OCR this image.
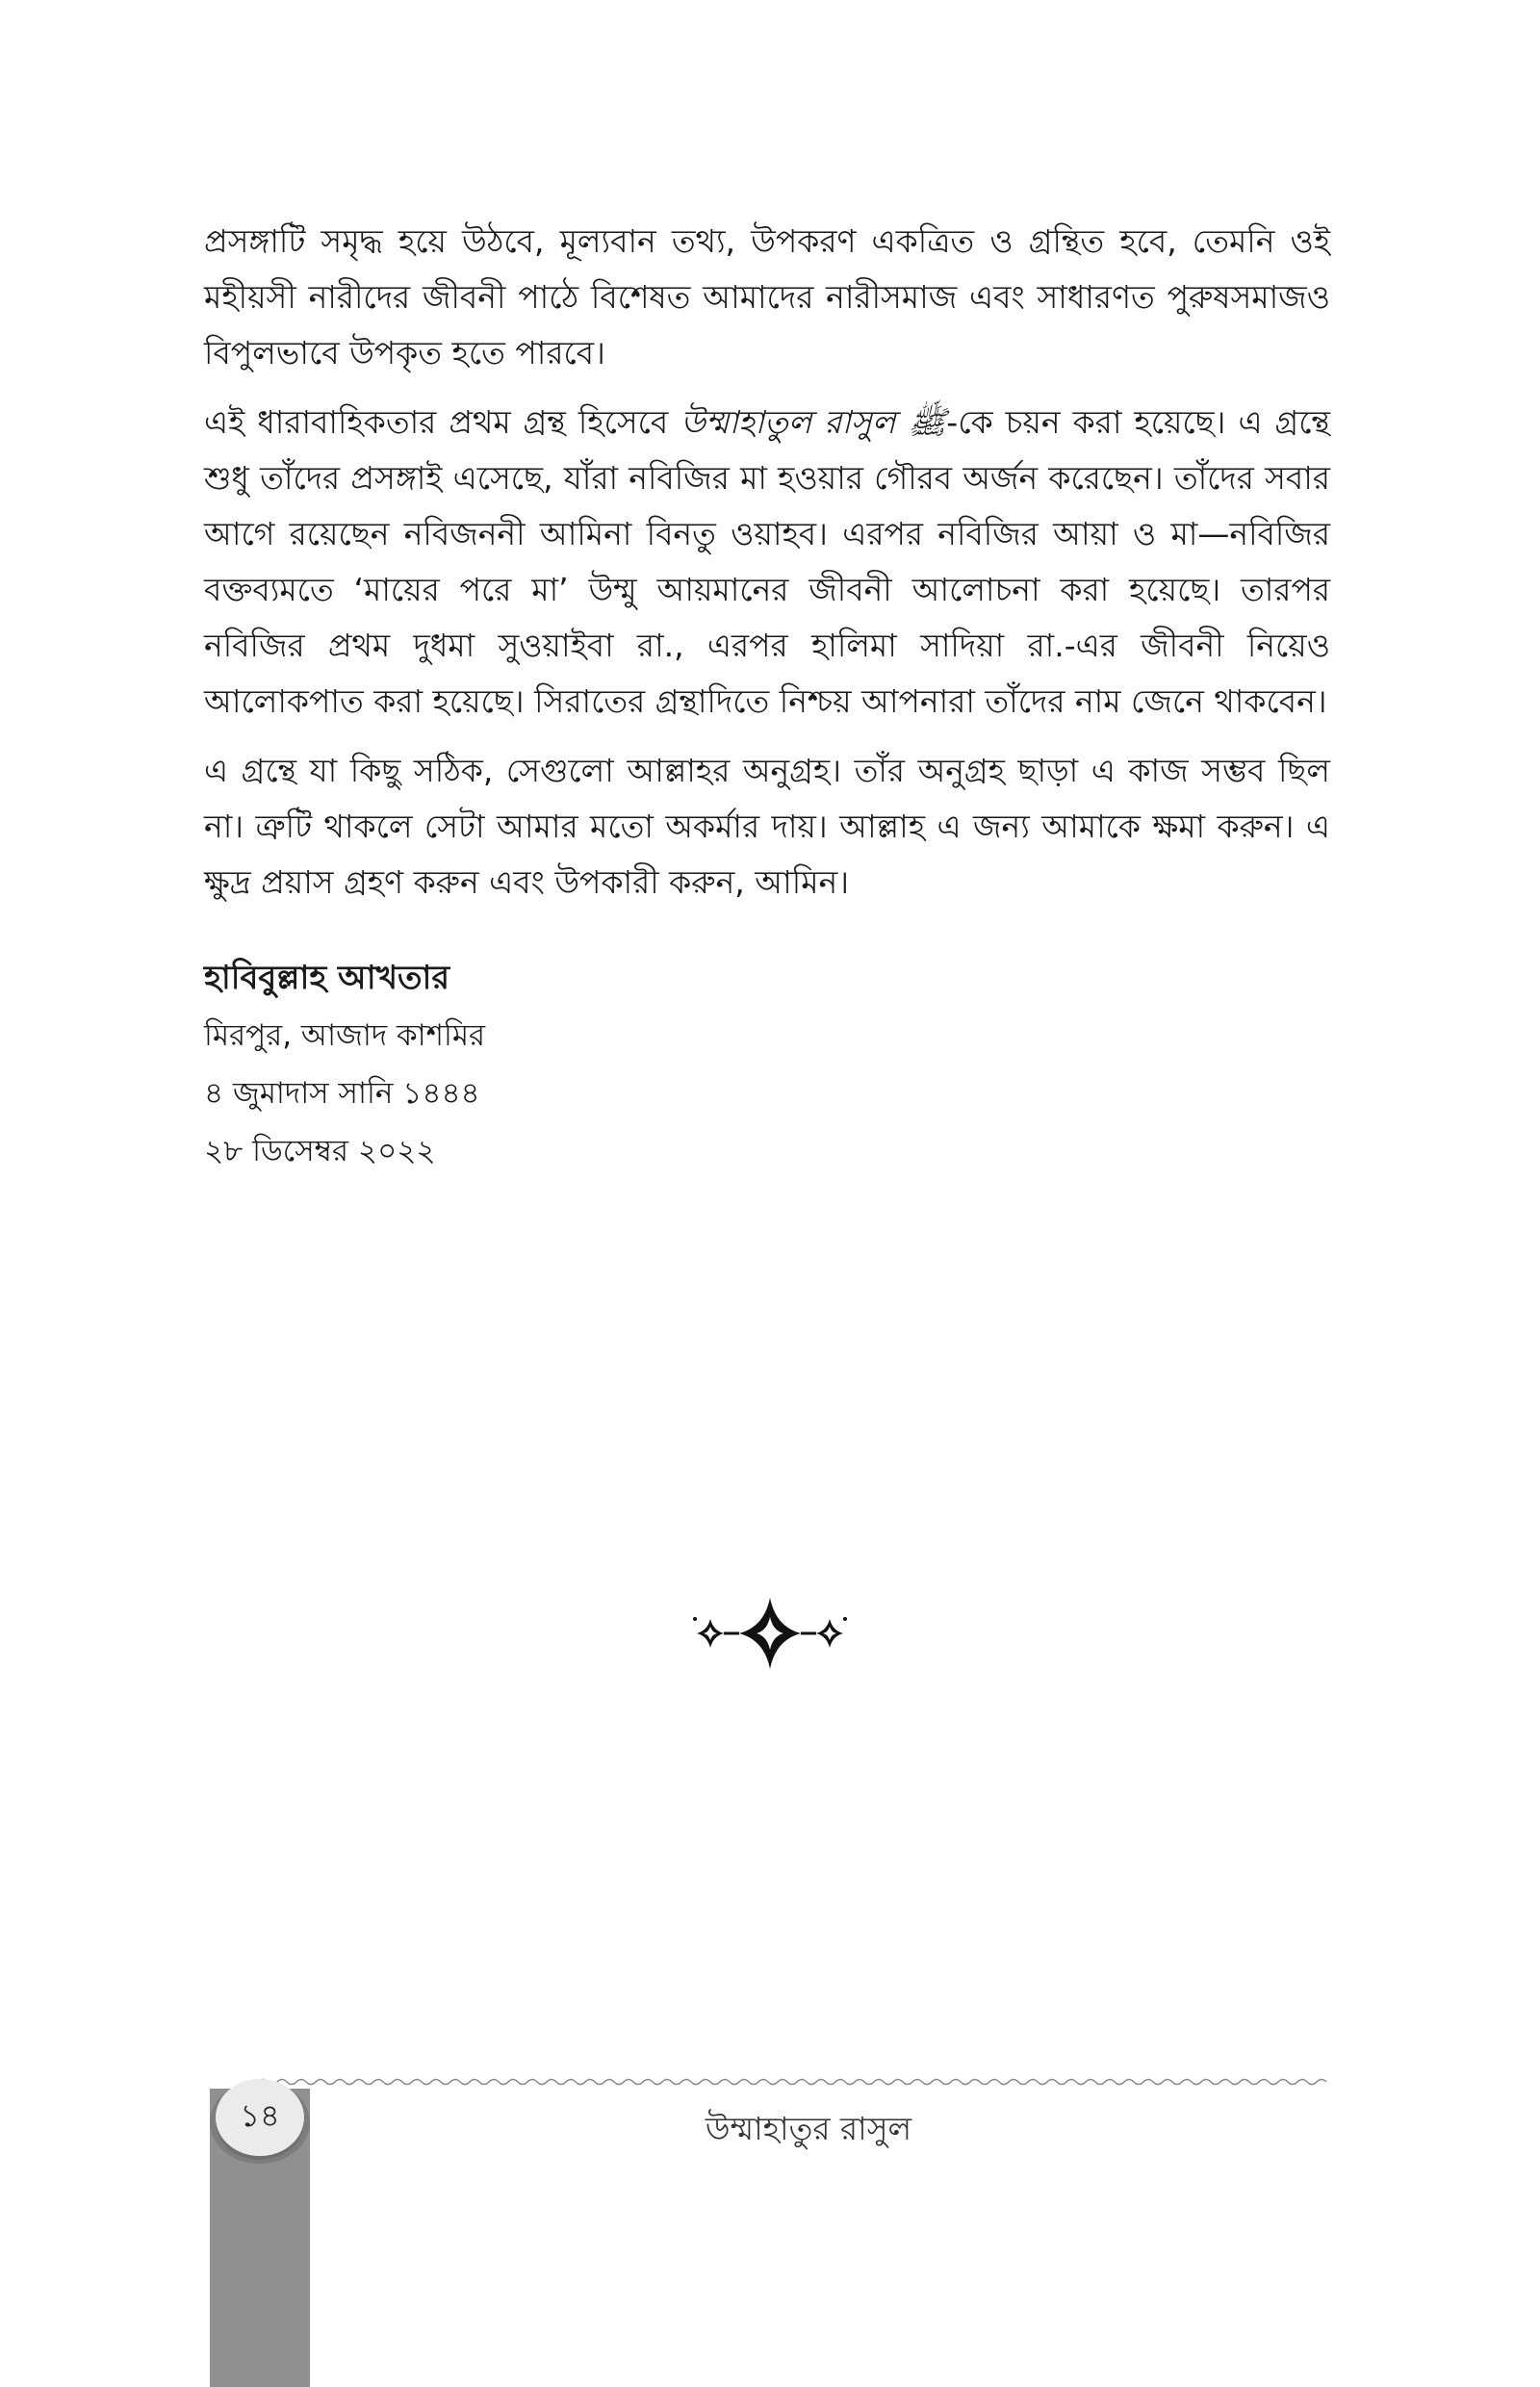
প্রসঙ্গাটি সমৃদ্ধ হয়ে উঠবে, মূল্যবান তথ্য, উপকরণ একত্রিত ও গ্রন্থিত হবে, তেমনি ওই মহীয়সী নারীদের জীবনী পাঠে বিশেষত আমাদের নারীসমাজ এবং সাধারণত পুরুষসমাজও বিপুলভাবে উপকৃত হতে পারবে।

এই ধারাবাহিকতার প্রথম গ্রন্থ হিসেবে উম্মাহাতুল রাসুল ﷺ-কে চয়ন করা হয়েছে। এ গ্রন্থে শুধু তাঁদের প্রসঙ্গাই এসেছে, যাঁরা নবিজির মা হওয়ার গৌরব অর্জন করেছেন। তাঁদের সবার আগে রয়েছেন নবিজননী আমিনা বিনতু ওয়াহব। এরপর নবিজির আয়া ও মা—নবিজির বক্তব্যমতে ‘মায়ের পরে মা’ উম্মু আয়মানের জীবনী আলোচনা করা হয়েছে। তারপর নবিজির প্রথম দুধমা সুওয়াইবা রা., এরপর হালিমা সাদিয়া রা.-এর জীবনী নিয়েও আলোকপাত করা হয়েছে। সিরাতের গ্রন্থাদিতে নিশ্চয় আপনারা তাঁদের নাম জেনে থাকবেন।

এ গ্রন্থে যা কিছু সঠিক, সেগুলো আল্লাহর অনুগ্রহ। তাঁর অনুগ্রহ ছাড়া এ কাজ সম্ভব ছিল না। ত্রুটি থাকলে সেটা আমার মতো অকর্মার দায়। আল্লাহ এ জন্য আমাকে ক্ষমা করুন। এ ক্ষুদ্র প্রয়াস গ্রহণ করুন এবং উপকারী করুন, আমিন।

হাবিবুল্লাহ আখতার
মিরপুর, আজাদ কাশমির
৪ জুমাদাস সানি ১৪৪৪
২৮ ডিসেম্বর ২০২২
১৪	উম্মাহাতুর রাসুল
